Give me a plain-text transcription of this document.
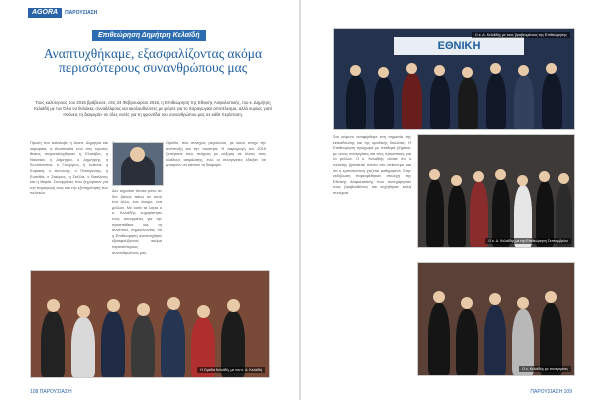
AGORA	ΠΑΡΟΥΣΙΑΣΗ
Επιθεώρηση Δημήτρη Κελαϊδή
Αναπτυχθήκαμε, εξασφαλίζοντας ακόμα περισσότερους συνανθρώπους μας
Τους καλύτερους του 2015 βράβευσε, στις 24 Φεβρουαρίου 2016, η Επιθεώρηση της Εθνικής Ασφαλιστικής, του κ. Δημήτρη Κελαϊδή με τον Όλο να θυλάκια, συναδέλφους και ακολουθούντες με φόρτε για το παραγωγικό αποτέλεσμα, αλλά κυρίως γιατί «Κάνεις τη διαφορά» σε όλες αυτές για τη φροντίδα του συνανθρώπου μας σε κάθε περίσταση.
Πρώτη στο κατάλαβε η Αναπ. Δήμητρα και κορυφαία, η Αναστασία ενώ στις πρώτες θέσεις συγκαταλέχθηκαν η Ελισάβετ, η Ναυσικά, η Δήμητρα, ο Δημήτρης, η Κωνσταντίνα, ο Γεώργιος, η Ιωάννα, η Κυριακή, ο Αντώνης, ο Παναγιώτης, η Ευανθία, ο Σταύρος, η Στέλλα, ο Βασίλειος και η Μαρία. Συνεργάτες που ξεχώρισαν για την παραγωγή τους και την εξυπηρέτηση των πελατών.	Δεν σημαίνει τίποτα μόνο αν δεν βάλεις πάνω σε αυτό ένα άλλο, ένα όνειρο, ένα μέλλον. Με αυτά τα λόγια ο κ. Κελαϊδής ευχαρίστησε τους συνεργάτες για την προσπάθεια και τη συνέπεια, σημειώνοντας ότι η Επιθεώρηση αναπτύχθηκε εξασφαλίζοντας ακόμα περισσότερους συνανθρώπους μας.
Ομάδα, που συνεχώς μεγαλώνει, με κοινό στόχο την ανάπτυξη και την ποιότητα. Η παραγωγή του 2015 ξεπέρασε τους στόχους με αύξηση σε όλους τους κλάδους ασφάλισης, ενώ οι συνεργάτες έδειξαν ότι μπορούν να κάνουν τη διαφορά.
Η Ομάδα Κελαϊδή, με τον κ. Δ. Κελαϊδή
108 ΠΑΡΟΥΣΙΑΣΗ
ΕΘΝΙΚΗ
Ο κ. Δ. Κελαϊδής με τους βραβευμένους της Επιθεώρησης
Στο κείμενο αναφέρθηκε στη σημασία της εκπαίδευσης και της ομαδικής δουλειάς. Η Επιθεώρηση προχωρά με σταθερά βήματα, με νέους συνεργάτες και νέες προοπτικές για το μέλλον. Ο κ. Κελαϊδής τόνισε ότι ο πελάτης βρίσκεται πάντα στο επίκεντρο και ότι η εμπιστοσύνη χτίζεται καθημερινά. Στην εκδήλωση παρευρέθηκαν στελέχη της Εθνικής Ασφαλιστικής που συνεχάρησαν τους βραβευθέντες και ευχήθηκαν καλή συνέχεια.
Ο κ. Δ. Κελαϊδής με την Επιθεώρηση Σεπτεμβρίου
Ο κ. Κελαϊδής με συνεργάτες
ΠΑΡΟΥΣΙΑΣΗ 109
